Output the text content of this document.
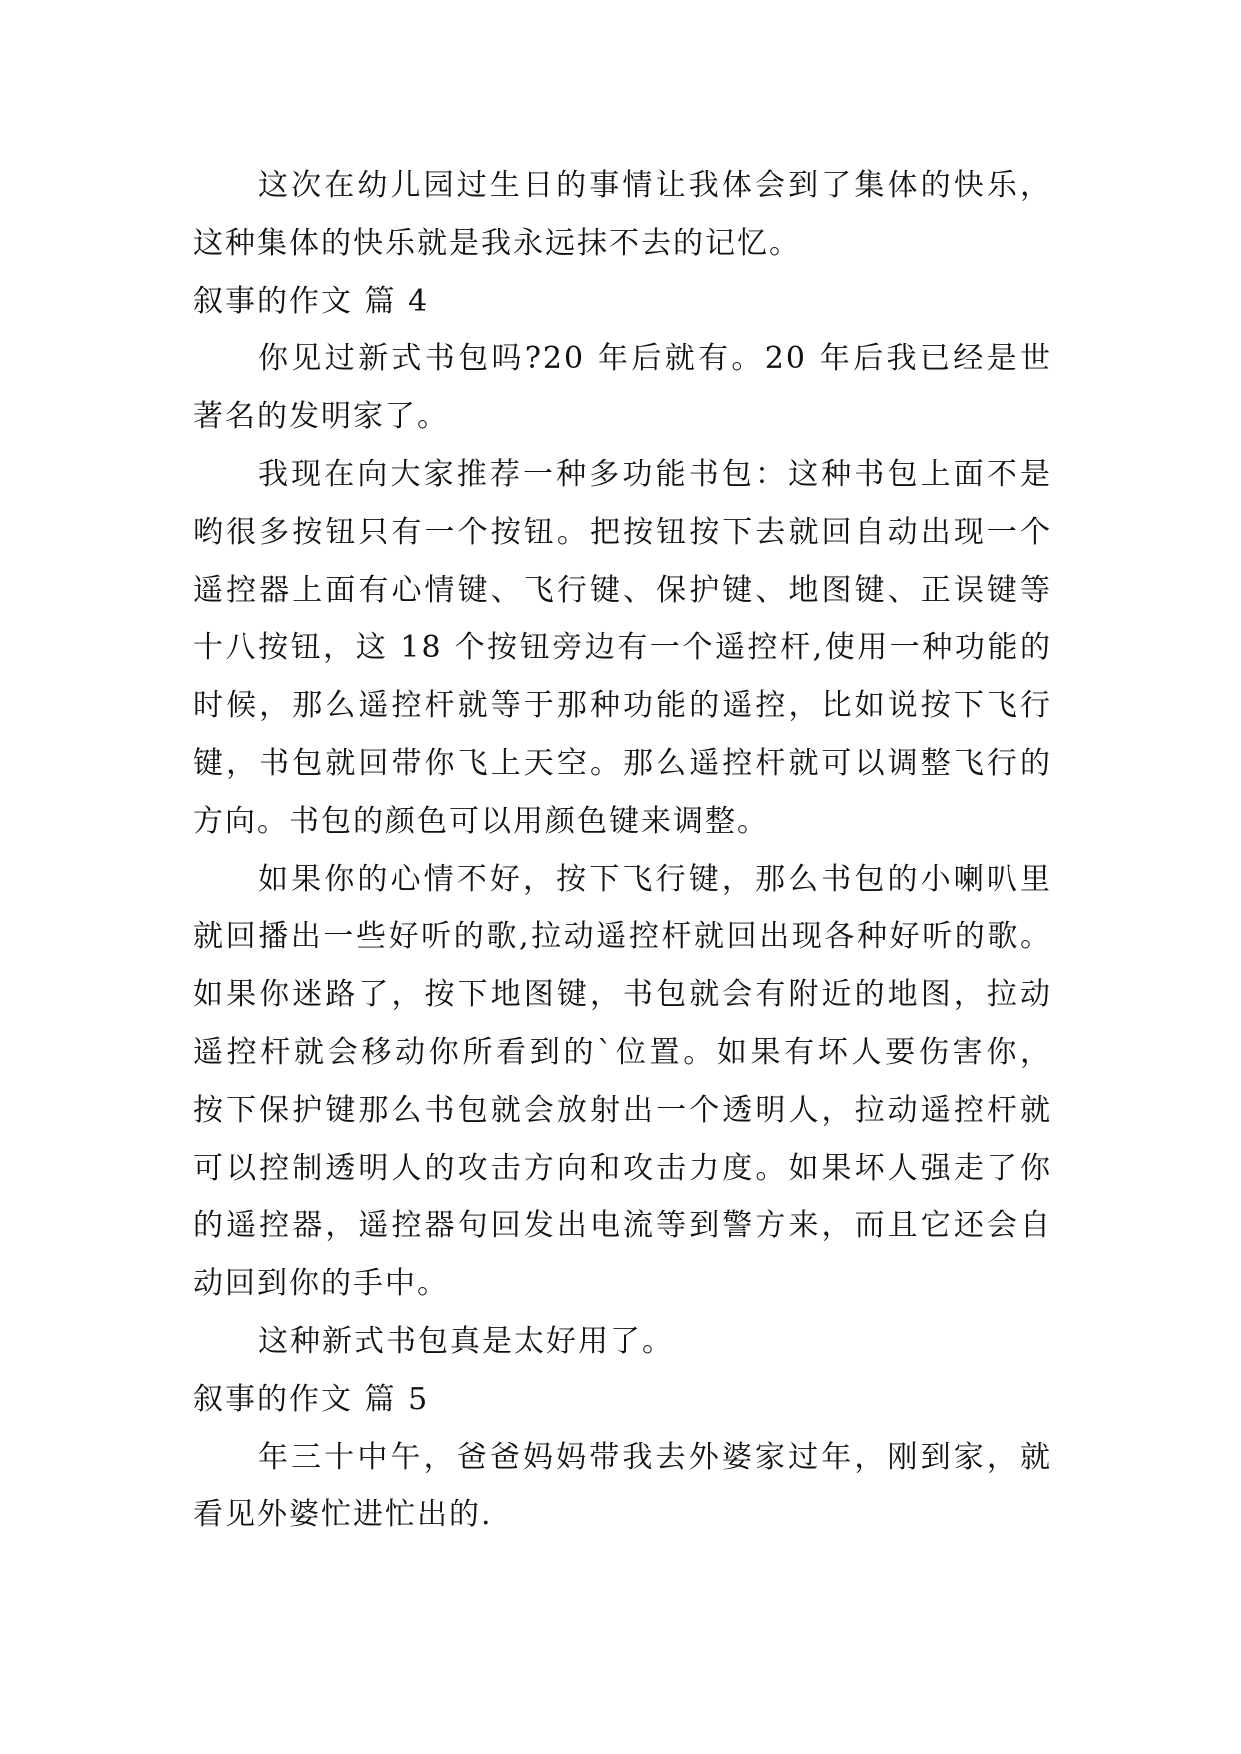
这次在幼儿园过生日的事情让我体会到了集体的快乐，
这种集体的快乐就是我永远抹不去的记忆。
叙事的作文 篇 4
你见过新式书包吗?20 年后就有。20 年后我已经是世
著名的发明家了。
我现在向大家推荐一种多功能书包：这种书包上面不是
哟很多按钮只有一个按钮。把按钮按下去就回自动出现一个
遥控器上面有心情键、飞行键、保护键、地图键、正误键等
十八按钮，这 18 个按钮旁边有一个遥控杆,使用一种功能的
时候，那么遥控杆就等于那种功能的遥控，比如说按下飞行
键，书包就回带你飞上天空。那么遥控杆就可以调整飞行的
方向。书包的颜色可以用颜色键来调整。
如果你的心情不好，按下飞行键，那么书包的小喇叭里
就回播出一些好听的歌,拉动遥控杆就回出现各种好听的歌。
如果你迷路了，按下地图键，书包就会有附近的地图，拉动
遥控杆就会移动你所看到的`位置。如果有坏人要伤害你，
按下保护键那么书包就会放射出一个透明人，拉动遥控杆就
可以控制透明人的攻击方向和攻击力度。如果坏人强走了你
的遥控器，遥控器句回发出电流等到警方来，而且它还会自
动回到你的手中。
这种新式书包真是太好用了。
叙事的作文 篇 5
年三十中午，爸爸妈妈带我去外婆家过年，刚到家，就
看见外婆忙进忙出的.
